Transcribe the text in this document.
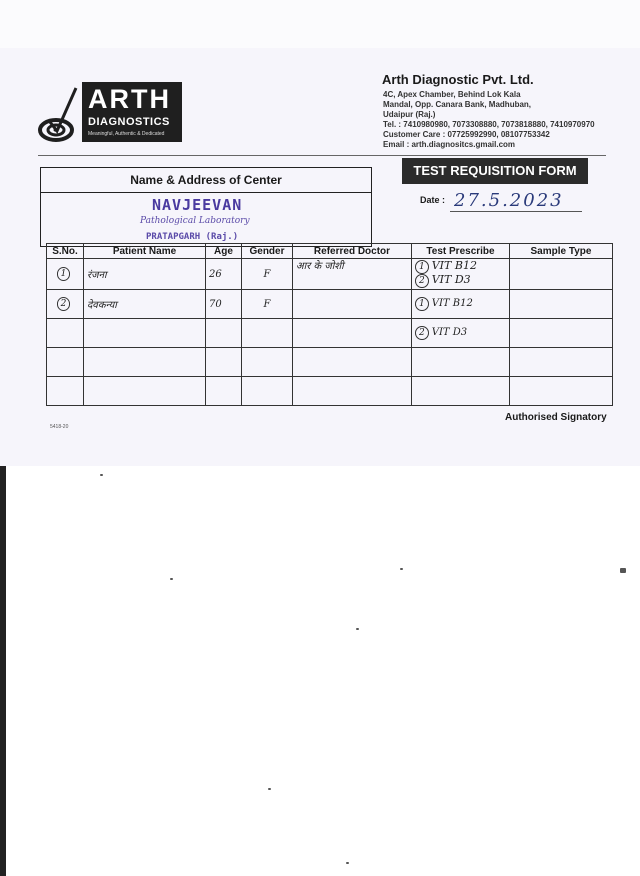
ARTH
DIAGNOSTICS
Meaningful, Authentic & Dedicated
Arth Diagnostic Pvt. Ltd.
4C, Apex Chamber, Behind Lok Kala
Mandal, Opp. Canara Bank, Madhuban,
Udaipur (Raj.)
Tel. : 7410980980, 7073308880, 7073818880, 7410970970
Customer Care : 07725992990, 08107753342
Email : arth.diagnositcs.gmail.com
Name & Address of Center
NAVJEEVAN
Pathological Laboratory
PRATAPGARH (Raj.)
TEST REQUISITION FORM
Date : 27.5.2023
S.No.	Patient Name	Age	Gender	Referred Doctor	Test Prescribe	Sample Type
1	रंजना	26	F	आर के जोशी	1 VIT B12
2 VIT D3	

2	देवकन्या	70	F		1 VIT B12	
					2 VIT D3	

Authorised Signatory
5418-20
